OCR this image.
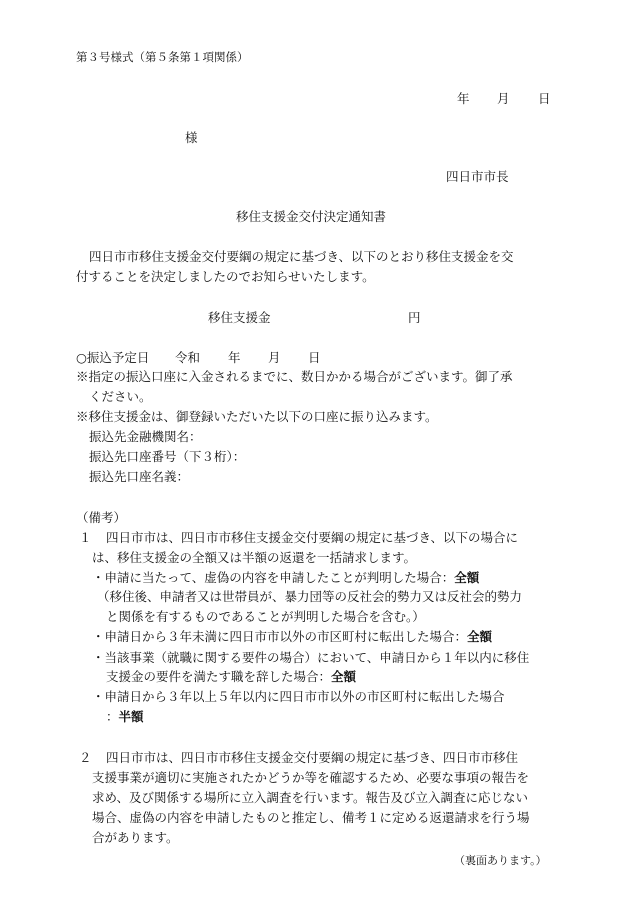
第３号様式（第５条第１項関係）
年 月 日
様
四日市市長
移住支援金交付決定通知書
四日市市移住支援金交付要綱の規定に基づき、以下のとおり移住支援金を交
付することを決定しましたのでお知らせいたします。
移住支援金	円
○振込予定日 令和 年 月 日
※指定の振込口座に入金されるまでに、数日かかる場合がございます。御了承
ください。
※移住支援金は、御登録いただいた以下の口座に振り込みます。
振込先金融機関名：
振込先口座番号（下３桁）：
振込先口座名義：
（備考）
１ 四日市市は、四日市市移住支援金交付要綱の規定に基づき、以下の場合に
は、移住支援金の全額又は半額の返還を一括請求します。
・申請に当たって、虚偽の内容を申請したことが判明した場合：全額
（移住後、申請者又は世帯員が、暴力団等の反社会的勢力又は反社会的勢力
と関係を有するものであることが判明した場合を含む。）
・申請日から３年未満に四日市市以外の市区町村に転出した場合：全額
・当該事業（就職に関する要件の場合）において、申請日から１年以内に移住
支援金の要件を満たす職を辞した場合：全額
・申請日から３年以上５年以内に四日市市以外の市区町村に転出した場合
：半額
２ 四日市市は、四日市市移住支援金交付要綱の規定に基づき、四日市市移住
支援事業が適切に実施されたかどうか等を確認するため、必要な事項の報告を
求め、及び関係する場所に立入調査を行います。報告及び立入調査に応じない
場合、虚偽の内容を申請したものと推定し、備考１に定める返還請求を行う場
合があります。
（裏面あります。）
